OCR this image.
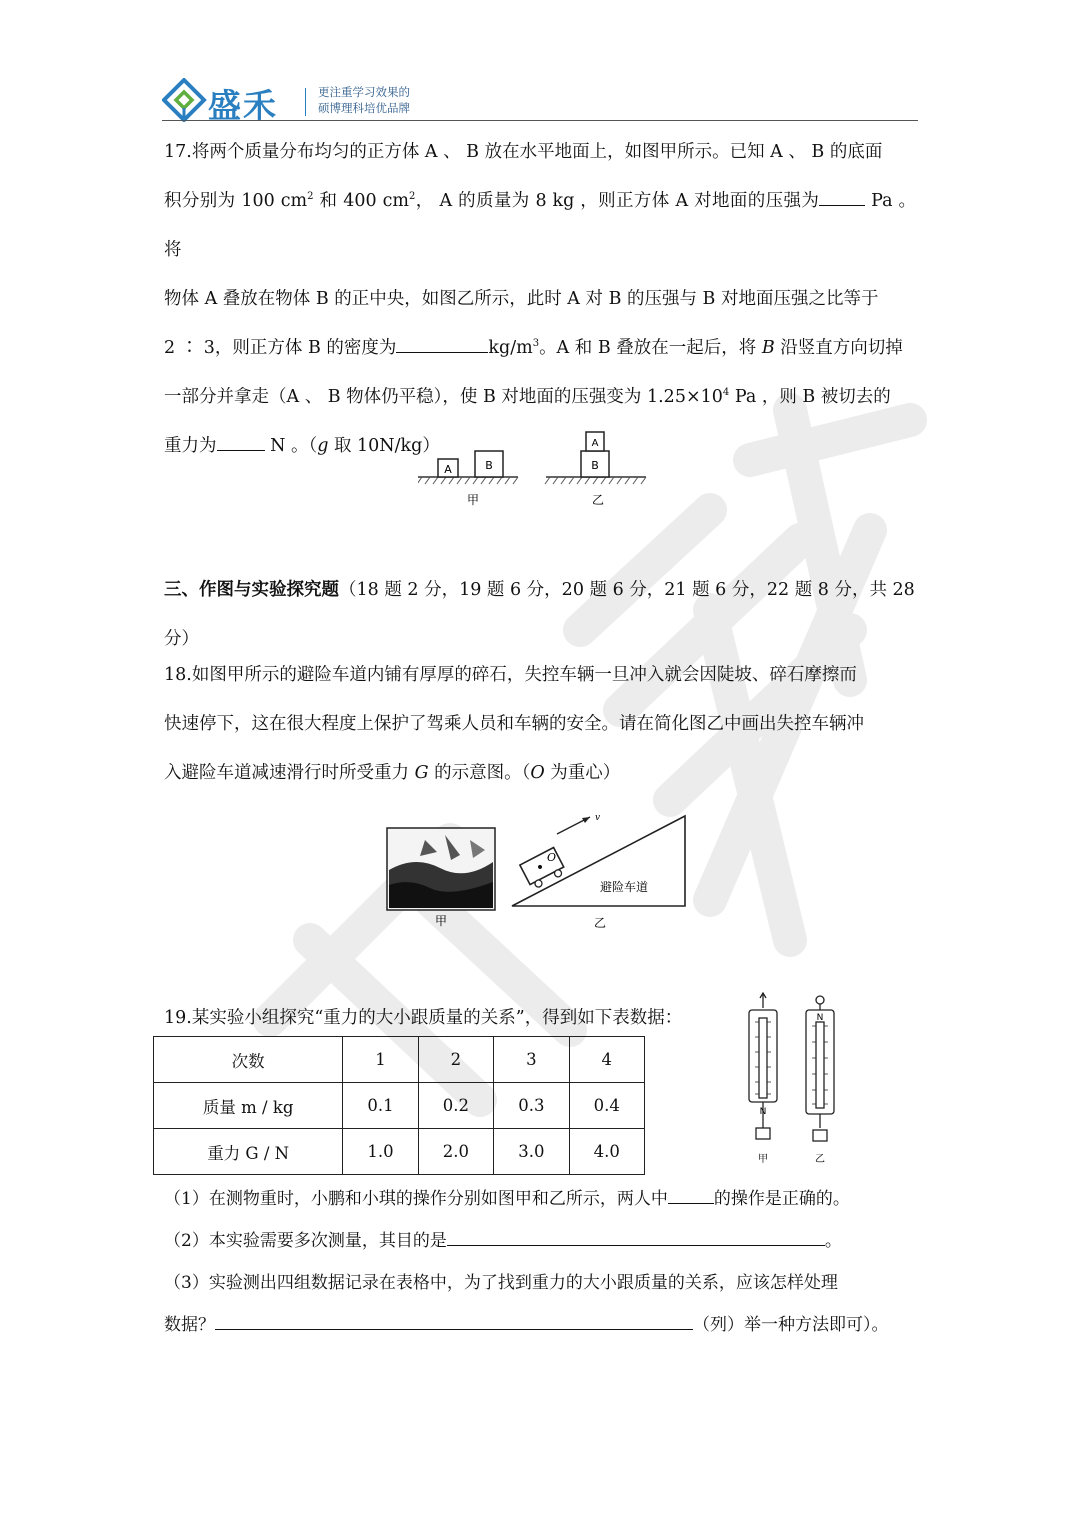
盛禾	更注重学习效果的
硕博理科培优品牌
17.将两个质量分布均匀的正方体 A 、 B 放在水平地面上，如图甲所示。已知 A 、 B 的底面
积分别为 100 $cm^2$ 和 400 $cm^2$， A 的质量为 8 kg ，则正方体 A 对地面的压强为	Pa 。将
物体 A 叠放在物体 B 的正中央，如图乙所示，此时 A 对 B 的压强与 B 对地面压强之比等于
2 ∶ 3，则正方体 B 的密度为	$kg/m^3$。A 和 B 叠放在一起后，将 B 沿竖直方向切掉
一部分并拿走（A 、 B 物体仍平稳），使 B 对地面的压强变为 $1.25\times 10^4$ Pa ，则 B 被切去的
重力为	N 。（g 取 10N/kg）
A	B	B
A
甲	乙
三、作图与实验探究题（18 题 2 分，19 题 6 分，20 题 6 分，21 题 6 分，22 题 8 分，共 28
分）
18.如图甲所示的避险车道内铺有厚厚的碎石，失控车辆一旦冲入就会因陡坡、碎石摩擦而
快速停下，这在很大程度上保护了驾乘人员和车辆的安全。请在简化图乙中画出失控车辆冲
入避险车道减速滑行时所受重力 G 的示意图。（O 为重心）
O
v
避险车道
甲	乙
19.某实验小组探究“重力的大小跟质量的关系”，得到如下表数据：
次数	1	2	3	4
质量 m / kg	0.1	0.2	0.3	0.4
重力 G / N	1.0	2.0	3.0	4.0
N
N
甲	乙
（1）在测物重时，小鹏和小琪的操作分别如图甲和乙所示，两人中	的操作是正确的。
（2）本实验需要多次测量，其目的是	。
（3）实验测出四组数据记录在表格中，为了找到重力的大小跟质量的关系，应该怎样处理
数据？	（列）举一种方法即可）。
